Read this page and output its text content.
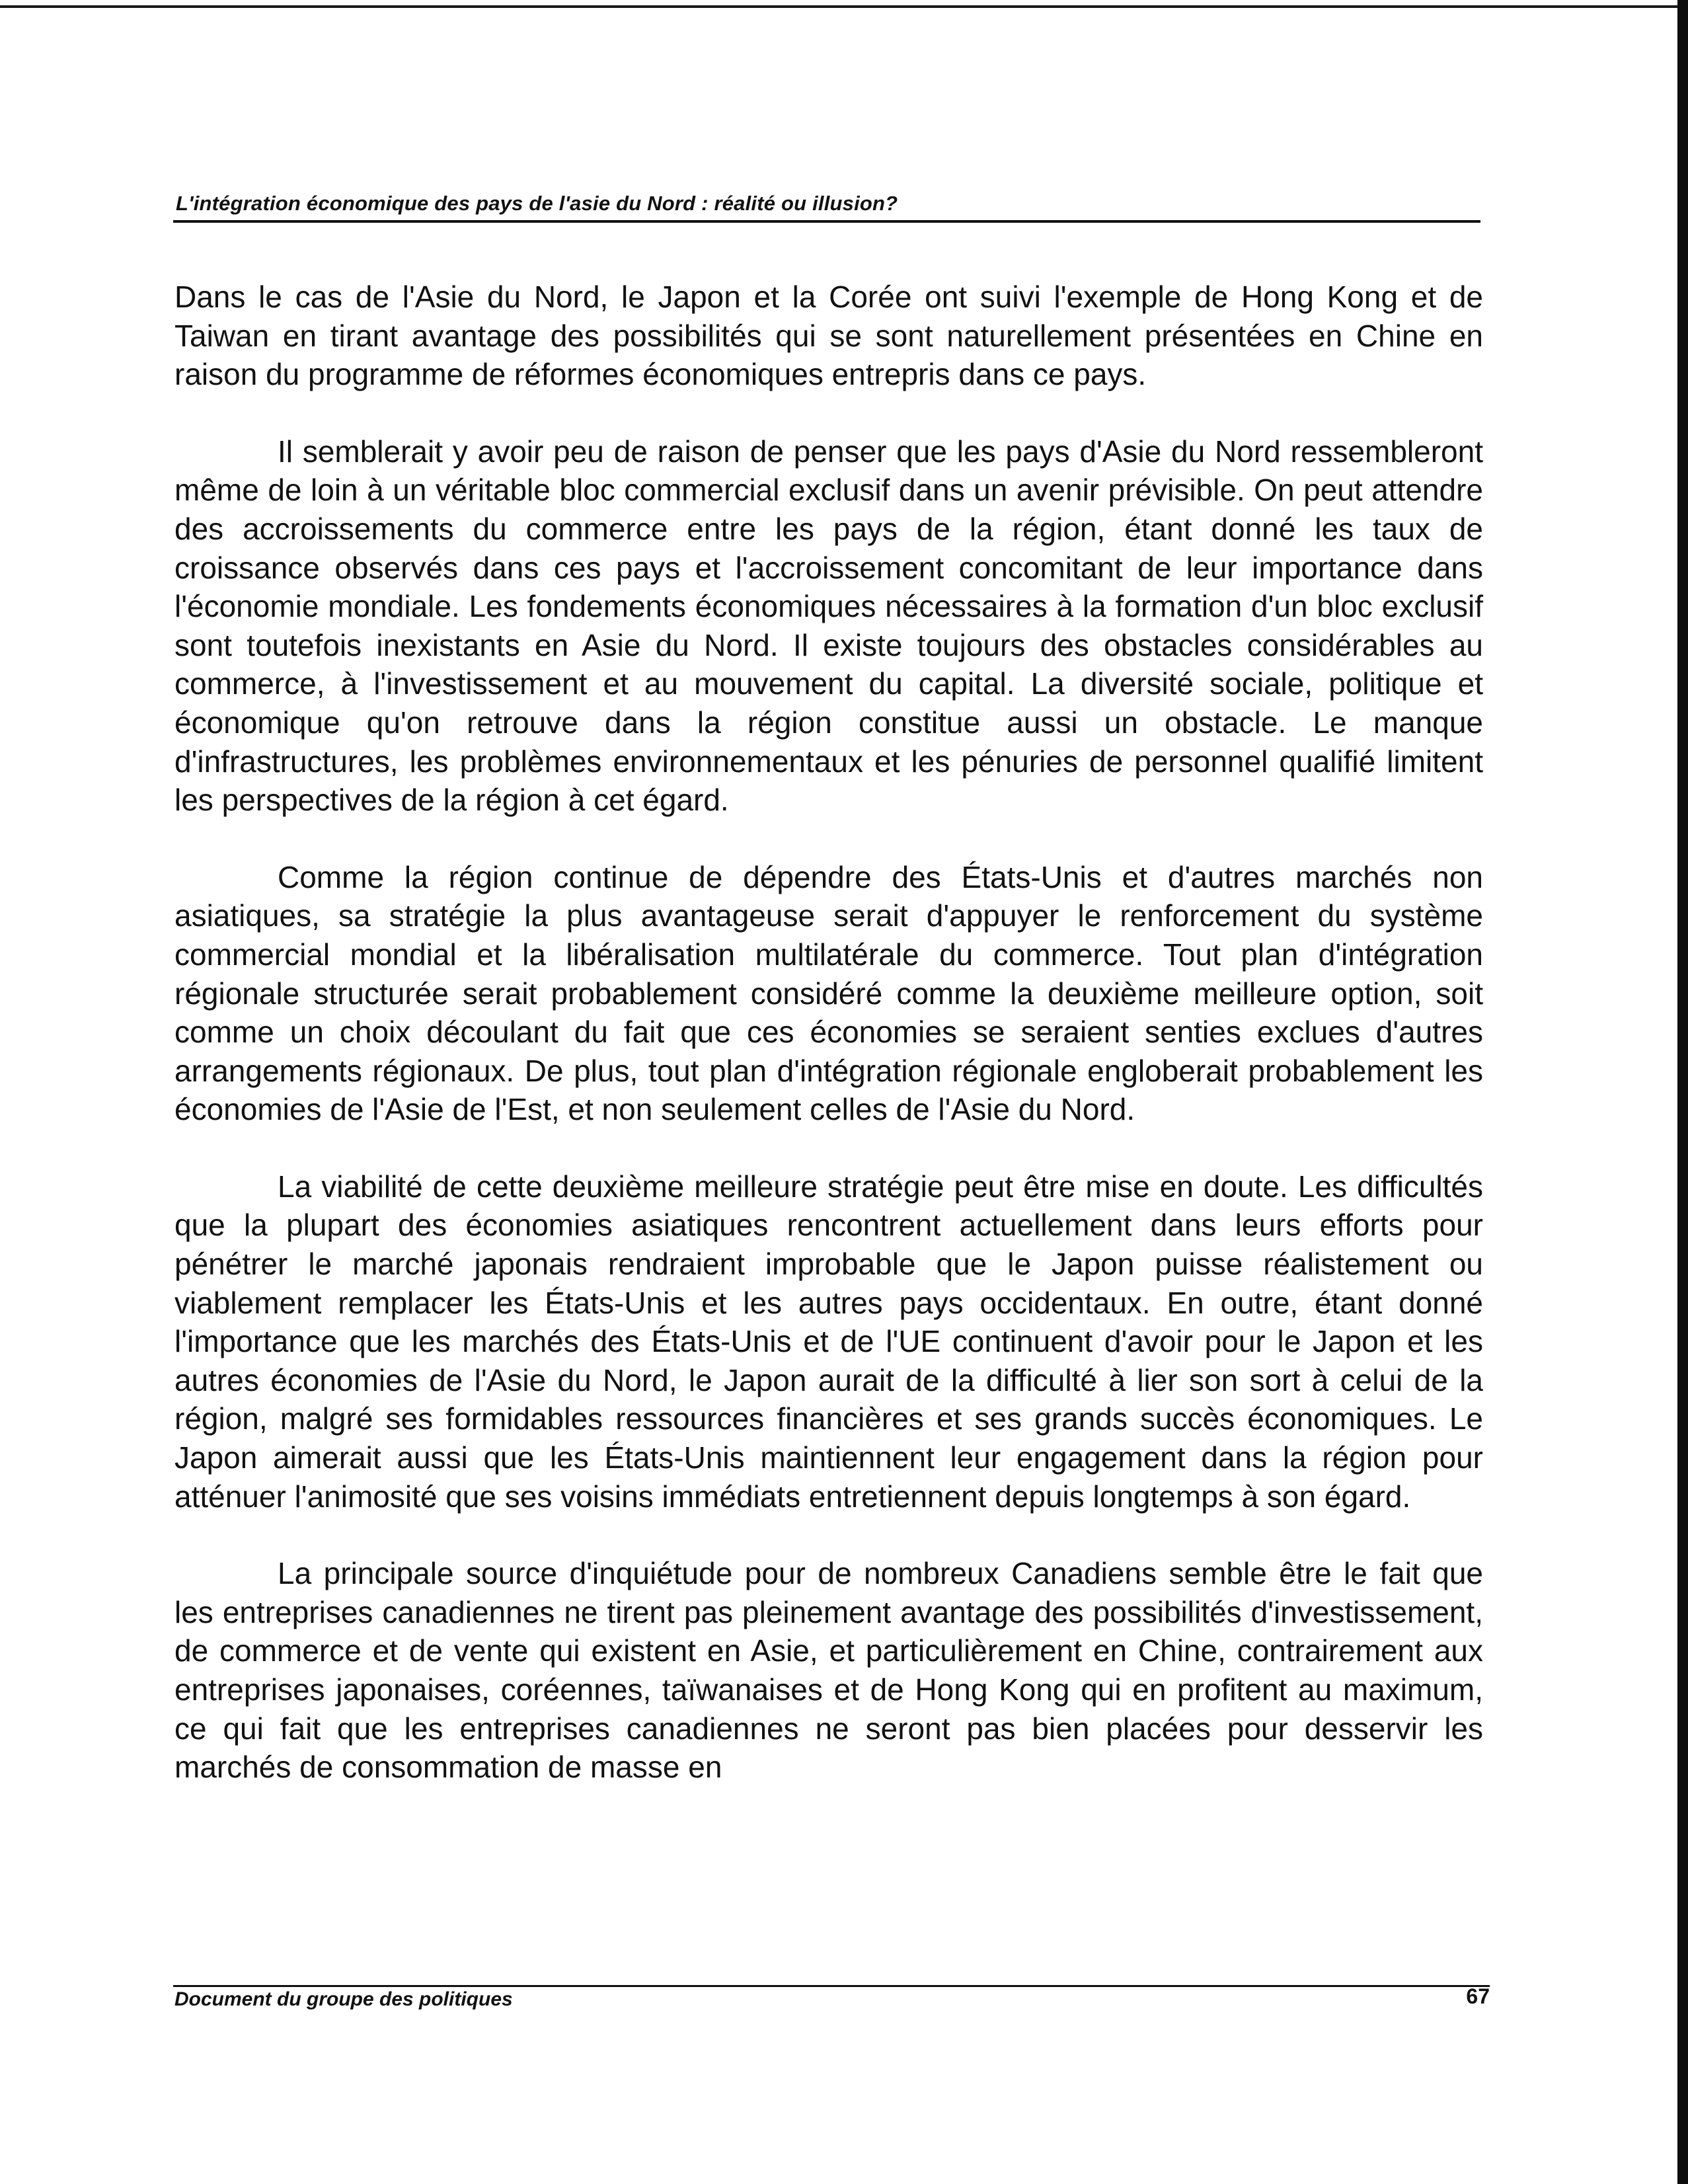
L'intégration économique des pays de l'asie du Nord : réalité ou illusion?

Dans le cas de l'Asie du Nord, le Japon et la Corée ont suivi l'exemple de Hong Kong et de Taiwan en tirant avantage des possibilités qui se sont naturellement présentées en Chine en raison du programme de réformes économiques entrepris dans ce pays.

Il semblerait y avoir peu de raison de penser que les pays d'Asie du Nord ressembleront même de loin à un véritable bloc commercial exclusif dans un avenir prévisible. On peut attendre des accroissements du commerce entre les pays de la région, étant donné les taux de croissance observés dans ces pays et l'accroissement concomitant de leur importance dans l'économie mondiale. Les fondements économiques nécessaires à la formation d'un bloc exclusif sont toutefois inexistants en Asie du Nord. Il existe toujours des obstacles considérables au commerce, à l'investissement et au mouvement du capital. La diversité sociale, politique et économique qu'on retrouve dans la région constitue aussi un obstacle. Le manque d'infrastructures, les problèmes environnementaux et les pénuries de personnel qualifié limitent les perspectives de la région à cet égard.

Comme la région continue de dépendre des États-Unis et d'autres marchés non asiatiques, sa stratégie la plus avantageuse serait d'appuyer le renforcement du système commercial mondial et la libéralisation multilatérale du commerce. Tout plan d'intégration régionale structurée serait probablement considéré comme la deuxième meilleure option, soit comme un choix découlant du fait que ces économies se seraient senties exclues d'autres arrangements régionaux. De plus, tout plan d'intégration régionale engloberait probablement les économies de l'Asie de l'Est, et non seulement celles de l'Asie du Nord.

La viabilité de cette deuxième meilleure stratégie peut être mise en doute. Les difficultés que la plupart des économies asiatiques rencontrent actuellement dans leurs efforts pour pénétrer le marché japonais rendraient improbable que le Japon puisse réalistement ou viablement remplacer les États-Unis et les autres pays occidentaux. En outre, étant donné l'importance que les marchés des États-Unis et de l'UE continuent d'avoir pour le Japon et les autres économies de l'Asie du Nord, le Japon aurait de la difficulté à lier son sort à celui de la région, malgré ses formidables ressources financières et ses grands succès économiques. Le Japon aimerait aussi que les États-Unis maintiennent leur engagement dans la région pour atténuer l'animosité que ses voisins immédiats entretiennent depuis longtemps à son égard.

La principale source d'inquiétude pour de nombreux Canadiens semble être le fait que les entreprises canadiennes ne tirent pas pleinement avantage des possibilités d'investissement, de commerce et de vente qui existent en Asie, et particulièrement en Chine, contrairement aux entreprises japonaises, coréennes, taïwanaises et de Hong Kong qui en profitent au maximum, ce qui fait que les entreprises canadiennes ne seront pas bien placées pour desservir les marchés de consommation de masse en

Document du groupe des politiques	67
